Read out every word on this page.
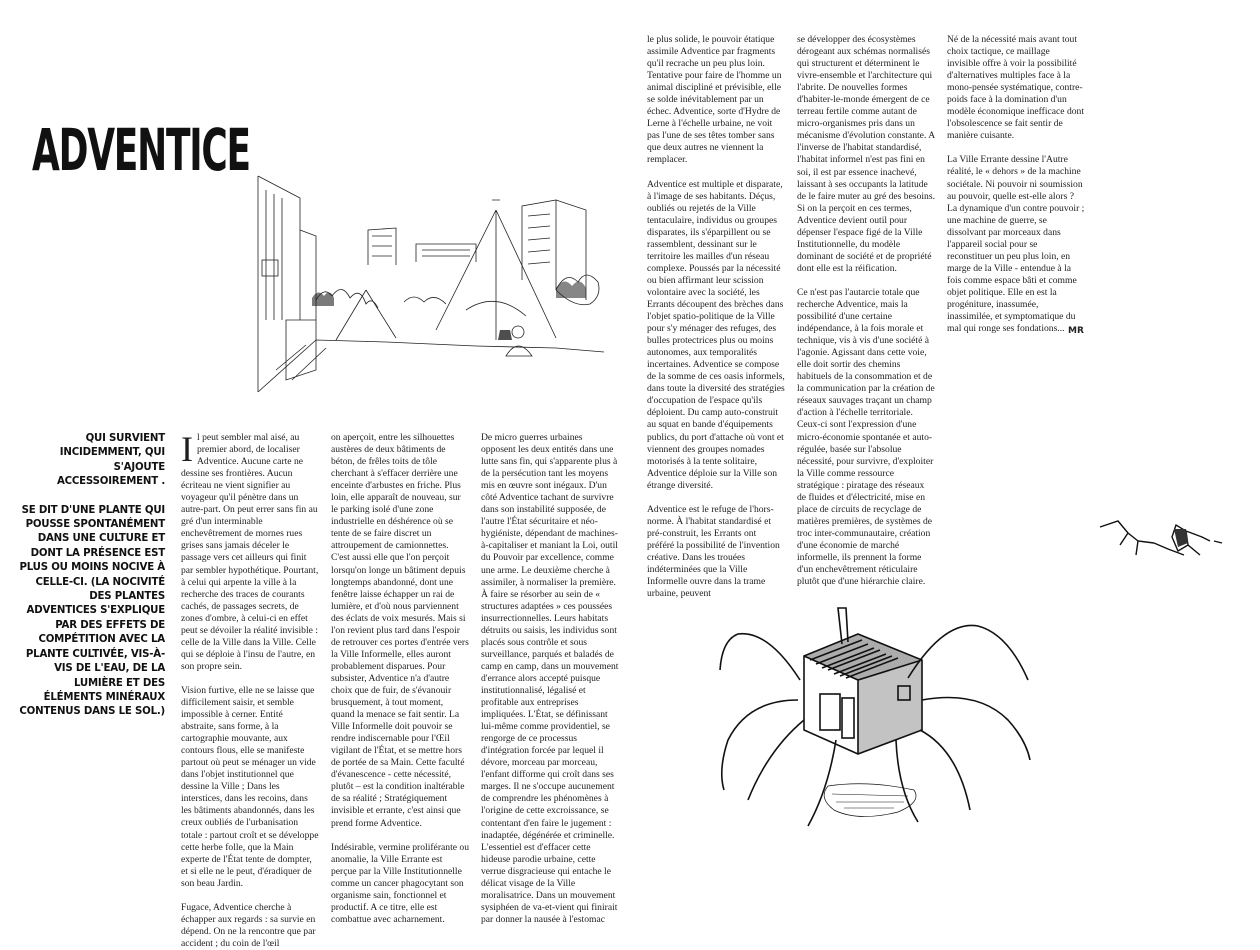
ADVENTICE

QUI SURVIENT INCIDEMMENT, QUI S'AJOUTE ACCESSOIREMENT .

SE DIT D'UNE PLANTE QUI POUSSE SPONTANÉMENT DANS UNE CULTURE ET DONT LA PRÉSENCE EST PLUS OU MOINS NOCIVE À CELLE-CI. (LA NOCIVITÉ DES PLANTES ADVENTICES S'EXPLIQUE PAR DES EFFETS DE COMPÉTITION AVEC LA PLANTE CULTIVÉE, VIS-À-VIS DE L'EAU, DE LA LUMIÈRE ET DES ÉLÉMENTS MINÉRAUX CONTENUS DANS LE SOL.)

Il peut sembler mal aisé, au premier abord, de localiser Adventice. Aucune carte ne dessine ses frontières. Aucun écriteau ne vient signifier au voyageur qu'il pénètre dans un autre-part. On peut errer sans fin au gré d'un interminable enchevêtrement de mornes rues grises sans jamais déceler le passage vers cet ailleurs qui finit par sembler hypothétique. Pourtant, à celui qui arpente la ville à la recherche des traces de courants cachés, de passages secrets, de zones d'ombre, à celui-ci en effet peut se dévoiler la réalité invisible : celle de la Ville dans la Ville. Celle qui se déploie à l'insu de l'autre, en son propre sein.

Vision furtive, elle ne se laisse que difficilement saisir, et semble impossible à cerner. Entité abstraite, sans forme, à la cartographie mouvante, aux contours flous, elle se manifeste partout où peut se ménager un vide dans l'objet institutionnel que dessine la Ville ; Dans les interstices, dans les recoins, dans les bâtiments abandonnés, dans les creux oubliés de l'urbanisation totale : partout croît et se développe cette herbe folle, que la Main experte de l'État tente de dompter, et si elle ne le peut, d'éradiquer de son beau Jardin.

Fugace, Adventice cherche à échapper aux regards : sa survie en dépend. On ne la rencontre que par accident ; du coin de l'œil

on aperçoit, entre les silhouettes austères de deux bâtiments de béton, de frêles toits de tôle cherchant à s'effacer derrière une enceinte d'arbustes en friche. Plus loin, elle apparaît de nouveau, sur le parking isolé d'une zone industrielle en déshérence où se tente de se faire discret un attroupement de camionnettes. C'est aussi elle que l'on perçoit lorsqu'on longe un bâtiment depuis longtemps abandonné, dont une fenêtre laisse échapper un rai de lumière, et d'où nous parviennent des éclats de voix mesurés. Mais si l'on revient plus tard dans l'espoir de retrouver ces portes d'entrée vers la Ville Informelle, elles auront probablement disparues. Pour subsister, Adventice n'a d'autre choix que de fuir, de s'évanouir brusquement, à tout moment, quand la menace se fait sentir. La Ville Informelle doit pouvoir se rendre indiscernable pour l'Œil vigilant de l'État, et se mettre hors de portée de sa Main. Cette faculté d'évanescence - cette nécessité, plutôt – est la condition inaltérable de sa réalité ; Stratégiquement invisible et errante, c'est ainsi que prend forme Adventice.

Indésirable, vermine proliférante ou anomalie, la Ville Errante est perçue par la Ville Institutionnelle comme un cancer phagocytant son organisme sain, fonctionnel et productif. A ce titre, elle est combattue avec acharnement.

De micro guerres urbaines opposent les deux entités dans une lutte sans fin, qui s'apparente plus à de la persécution tant les moyens mis en œuvre sont inégaux. D'un côté Adventice tachant de survivre dans son instabilité supposée, de l'autre l'État sécuritaire et néo-hygiéniste, dépendant de machines-à-capitaliser et maniant la Loi, outil du Pouvoir par excellence, comme une arme. Le deuxième cherche à assimiler, à normaliser la première. À faire se résorber au sein de « structures adaptées » ces poussées insurrectionnelles. Leurs habitats détruits ou saisis, les individus sont placés sous contrôle et sous surveillance, parqués et baladés de camp en camp, dans un mouvement d'errance alors accepté puisque institutionnalisé, légalisé et profitable aux entreprises impliquées. L'État, se définissant lui-même comme providentiel, se rengorge de ce processus d'intégration forcée par lequel il dévore, morceau par morceau, l'enfant difforme qui croît dans ses marges. Il ne s'occupe aucunement de comprendre les phénomènes à l'origine de cette excroissance, se contentant d'en faire le jugement : inadaptée, dégénérée et criminelle. L'essentiel est d'effacer cette hideuse parodie urbaine, cette verrue disgracieuse qui entache le délicat visage de la Ville moralisatrice. Dans un mouvement sysiphéen de va-et-vient qui finirait par donner la nausée à l'estomac

le plus solide, le pouvoir étatique assimile Adventice par fragments qu'il recrache un peu plus loin. Tentative pour faire de l'homme un animal discipliné et prévisible, elle se solde inévitablement par un échec. Adventice, sorte d'Hydre de Lerne à l'échelle urbaine, ne voit pas l'une de ses têtes tomber sans que deux autres ne viennent la remplacer.

Adventice est multiple et disparate, à l'image de ses habitants. Déçus, oubliés ou rejetés de la Ville tentaculaire, individus ou groupes disparates, ils s'éparpillent ou se rassemblent, dessinant sur le territoire les mailles d'un réseau complexe. Poussés par la nécessité ou bien affirmant leur scission volontaire avec la société, les Errants découpent des brèches dans l'objet spatio-politique de la Ville pour s'y ménager des refuges, des bulles protectrices plus ou moins autonomes, aux temporalités incertaines. Adventice se compose de la somme de ces oasis informels, dans toute la diversité des stratégies d'occupation de l'espace qu'ils déploient. Du camp auto-construit au squat en bande d'équipements publics, du port d'attache où vont et viennent des groupes nomades motorisés à la tente solitaire, Adventice déploie sur la Ville son étrange diversité.

Adventice est le refuge de l'hors-norme. À l'habitat standardisé et pré-construit, les Errants ont préféré la possibilité de l'invention créative. Dans les trouées indéterminées que la Ville Informelle ouvre dans la trame urbaine, peuvent

se développer des écosystèmes dérogeant aux schémas normalisés qui structurent et déterminent le vivre-ensemble et l'architecture qui l'abrite. De nouvelles formes d'habiter-le-monde émergent de ce terreau fertile comme autant de micro-organismes pris dans un mécanisme d'évolution constante. A l'inverse de l'habitat standardisé, l'habitat informel n'est pas fini en soi, il est par essence inachevé, laissant à ses occupants la latitude de le faire muter au gré des besoins. Si on la perçoit en ces termes, Adventice devient outil pour dépenser l'espace figé de la Ville Institutionnelle, du modèle dominant de société et de propriété dont elle est la réification.

Ce n'est pas l'autarcie totale que recherche Adventice, mais la possibilité d'une certaine indépendance, à la fois morale et technique, vis à vis d'une société à l'agonie. Agissant dans cette voie, elle doit sortir des chemins habituels de la consommation et de la communication par la création de réseaux sauvages traçant un champ d'action à l'échelle territoriale. Ceux-ci sont l'expression d'une micro-économie spontanée et auto-régulée, basée sur l'absolue nécessité, pour survivre, d'exploiter la Ville comme ressource stratégique : piratage des réseaux de fluides et d'électricité, mise en place de circuits de recyclage de matières premières, de systèmes de troc inter-communautaire, création d'une économie de marché informelle, ils prennent la forme d'un enchevêtrement réticulaire plutôt que d'une hiérarchie claire.

Né de la nécessité mais avant tout choix tactique, ce maillage invisible offre à voir la possibilité d'alternatives multiples face à la mono-pensée systématique, contre-poids face à la domination d'un modèle économique inefficace dont l'obsolescence se fait sentir de manière cuisante.

La Ville Errante dessine l'Autre réalité, le « dehors » de la machine sociétale. Ni pouvoir ni soumission au pouvoir, quelle est-elle alors ? La dynamique d'un contre pouvoir ; une machine de guerre, se dissolvant par morceaux dans l'appareil social pour se reconstituer un peu plus loin, en marge de la Ville - entendue à la fois comme espace bâti et comme objet politique. Elle en est la progéniture, inassumée, inassimilée, et symptomatique du mal qui ronge ses fondations... MR
